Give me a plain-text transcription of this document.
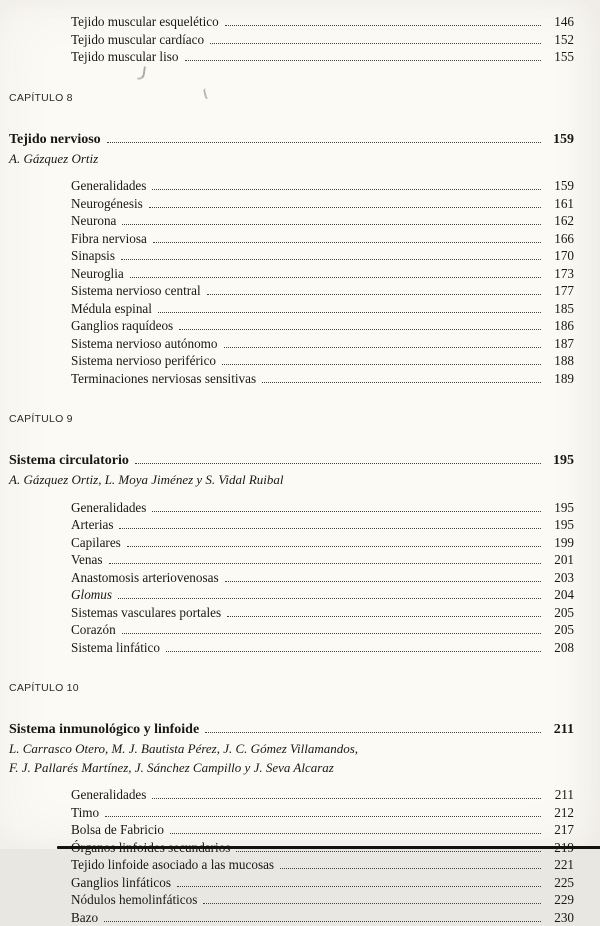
Tejido muscular esquelético	146
Tejido muscular cardíaco	152
Tejido muscular liso	155
CAPÍTULO 8
Tejido nervioso	159
A. Gázquez Ortiz
Generalidades	159
Neurogénesis	161
Neurona	162
Fibra nerviosa	166
Sinapsis	170
Neuroglia	173
Sistema nervioso central	177
Médula espinal	185
Ganglios raquídeos	186
Sistema nervioso autónomo	187
Sistema nervioso periférico	188
Terminaciones nerviosas sensitivas	189
CAPÍTULO 9
Sistema circulatorio	195
A. Gázquez Ortiz, L. Moya Jiménez y S. Vidal Ruibal
Generalidades	195
Arterias	195
Capilares	199
Venas	201
Anastomosis arteriovenosas	203
Glomus	204
Sistemas vasculares portales	205
Corazón	205
Sistema linfático	208
CAPÍTULO 10
Sistema inmunológico y linfoide	211
L. Carrasco Otero, M. J. Bautista Pérez, J. C. Gómez Villamandos,
F. J. Pallarés Martínez, J. Sánchez Campillo y J. Seva Alcaraz
Generalidades	211
Timo	212
Bolsa de Fabricio	217
Tejido linfoide asociado a las mucosas	221
Ganglios linfáticos	225
Nódulos hemolinfáticos	229
Bazo	230
